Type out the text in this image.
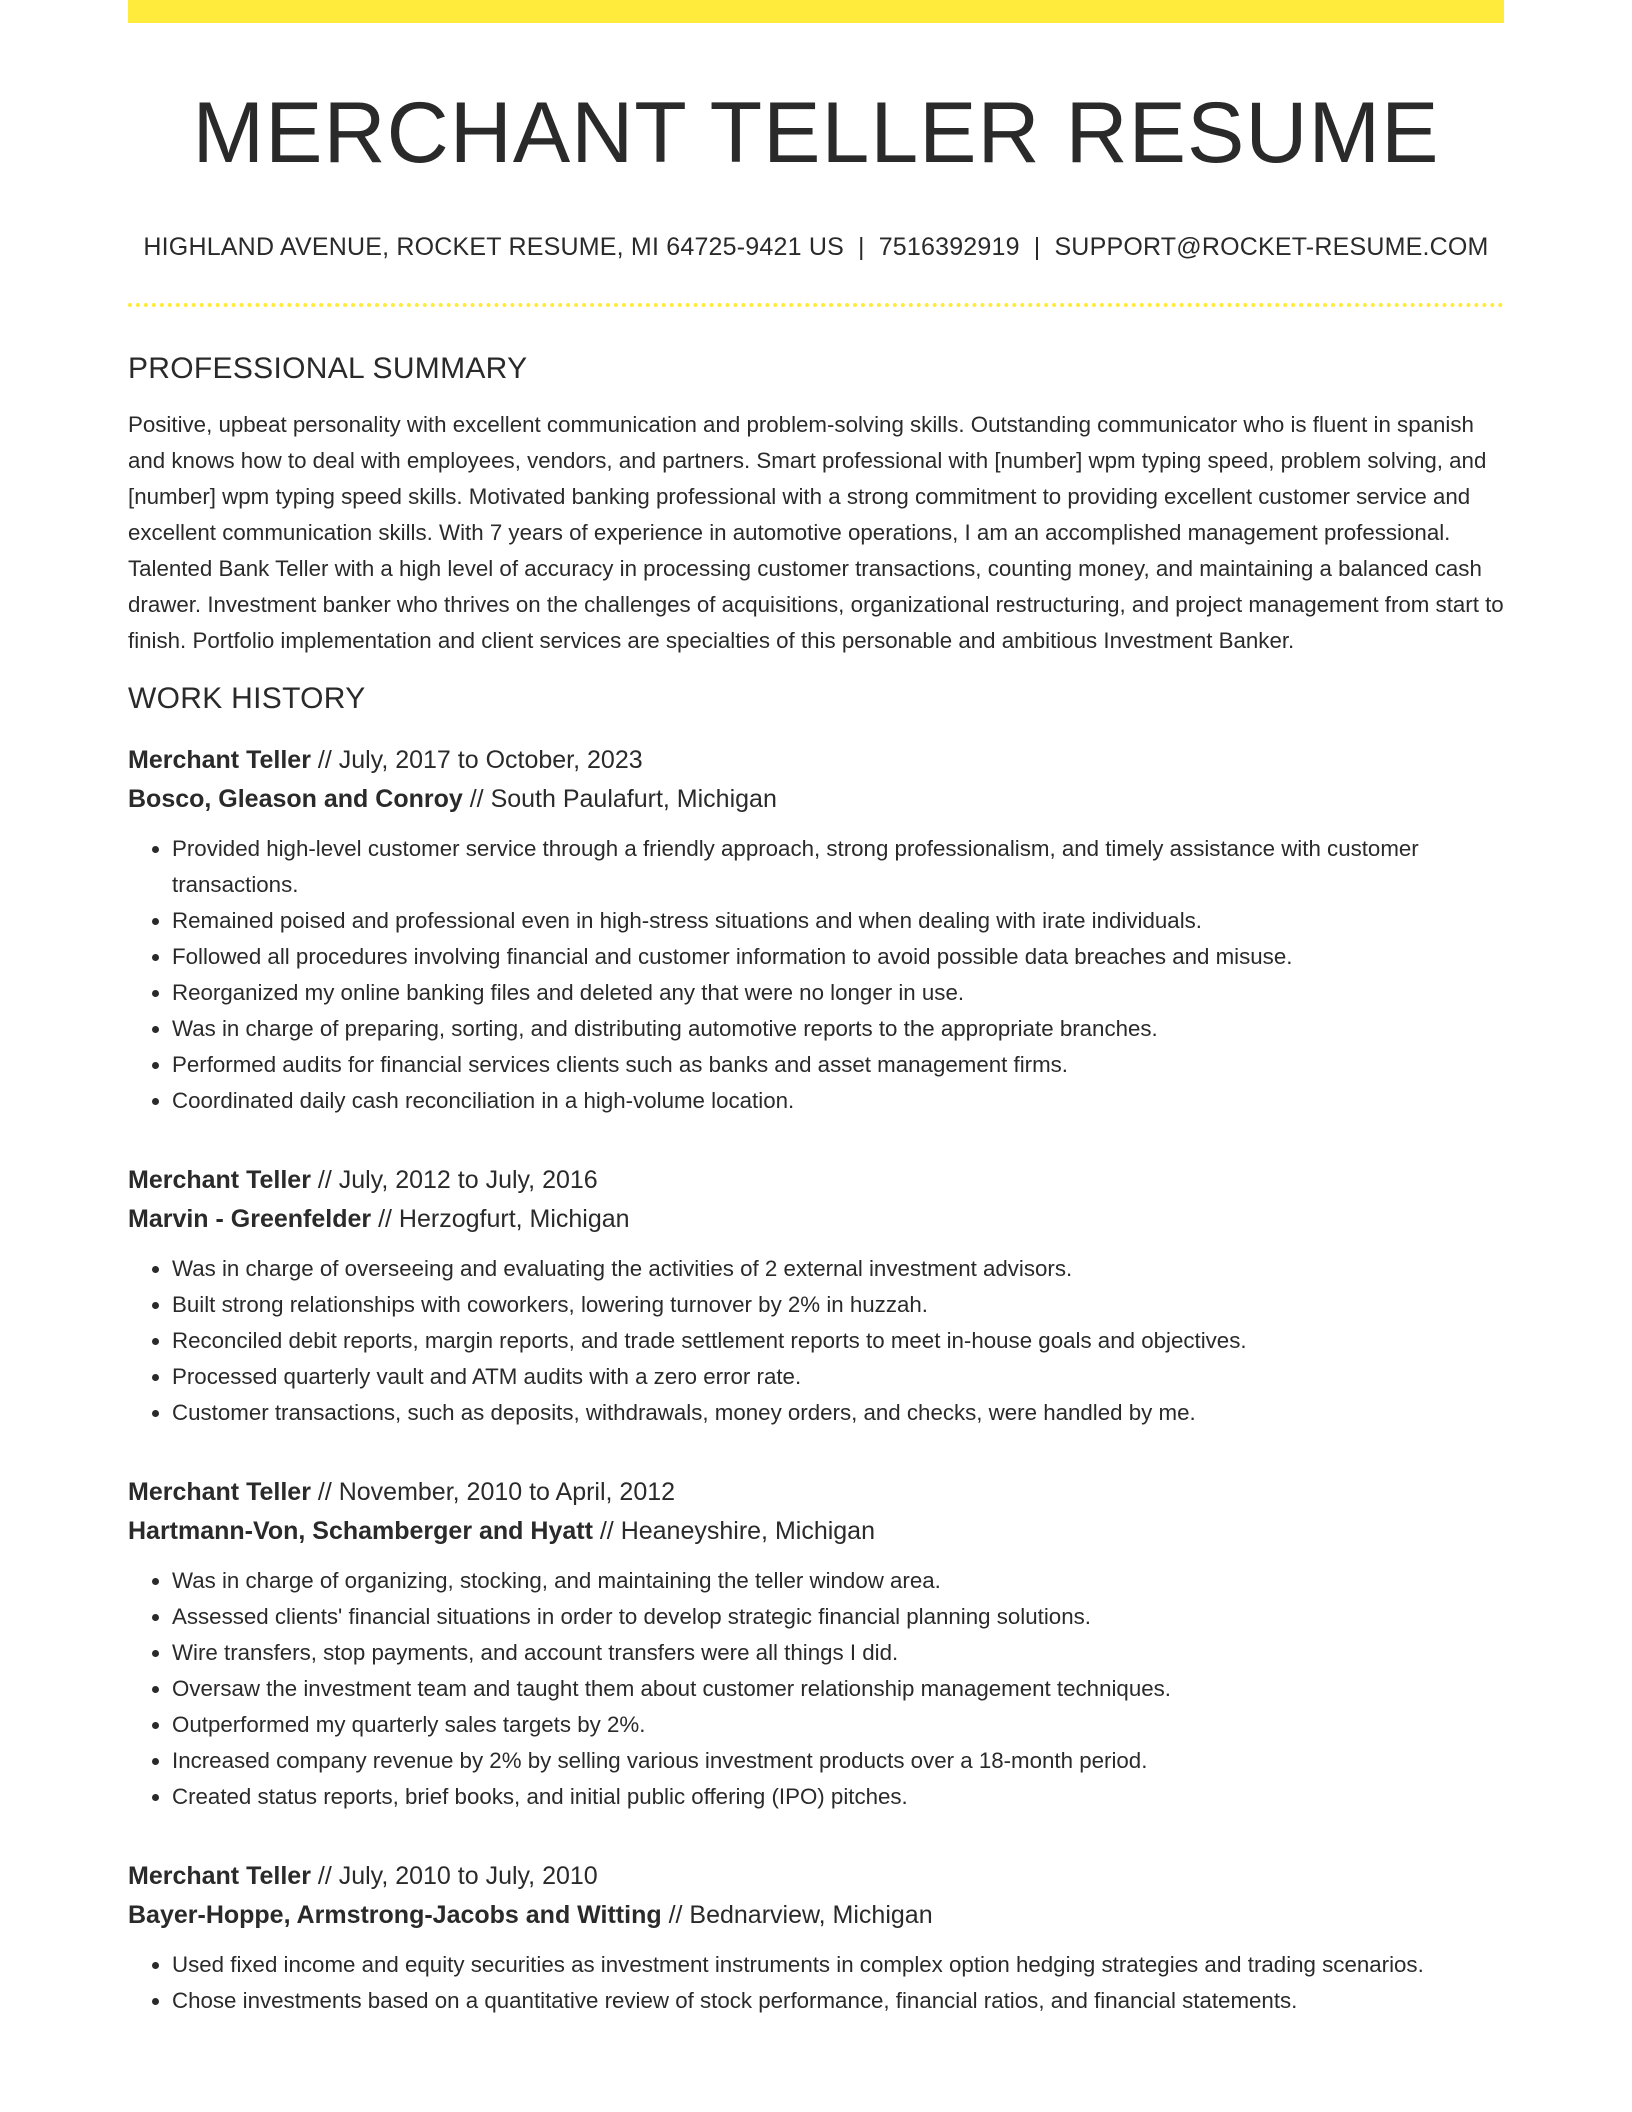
MERCHANT TELLER RESUME
HIGHLAND AVENUE, ROCKET RESUME, MI 64725-9421 US | 7516392919 | SUPPORT@ROCKET-RESUME.COM
PROFESSIONAL SUMMARY

Positive, upbeat personality with excellent communication and problem-solving skills. Outstanding communicator who is fluent in spanish and knows how to deal with employees, vendors, and partners. Smart professional with [number] wpm typing speed, problem solving, and [number] wpm typing speed skills. Motivated banking professional with a strong commitment to providing excellent customer service and excellent communication skills. With 7 years of experience in automotive operations, I am an accomplished management professional. Talented Bank Teller with a high level of accuracy in processing customer transactions, counting money, and maintaining a balanced cash drawer. Investment banker who thrives on the challenges of acquisitions, organizational restructuring, and project management from start to finish. Portfolio implementation and client services are specialties of this personable and ambitious Investment Banker.

WORK HISTORY
Merchant Teller // July, 2017 to October, 2023
Bosco, Gleason and Conroy // South Paulafurt, Michigan
• Provided high-level customer service through a friendly approach, strong professionalism, and timely assistance with customer transactions.
• Remained poised and professional even in high-stress situations and when dealing with irate individuals.
• Followed all procedures involving financial and customer information to avoid possible data breaches and misuse.
• Reorganized my online banking files and deleted any that were no longer in use.
• Was in charge of preparing, sorting, and distributing automotive reports to the appropriate branches.
• Performed audits for financial services clients such as banks and asset management firms.
• Coordinated daily cash reconciliation in a high-volume location.
Merchant Teller // July, 2012 to July, 2016
Marvin - Greenfelder // Herzogfurt, Michigan
• Was in charge of overseeing and evaluating the activities of 2 external investment advisors.
• Built strong relationships with coworkers, lowering turnover by 2% in huzzah.
• Reconciled debit reports, margin reports, and trade settlement reports to meet in-house goals and objectives.
• Processed quarterly vault and ATM audits with a zero error rate.
• Customer transactions, such as deposits, withdrawals, money orders, and checks, were handled by me.
Merchant Teller // November, 2010 to April, 2012
Hartmann-Von, Schamberger and Hyatt // Heaneyshire, Michigan
• Was in charge of organizing, stocking, and maintaining the teller window area.
• Assessed clients' financial situations in order to develop strategic financial planning solutions.
• Wire transfers, stop payments, and account transfers were all things I did.
• Oversaw the investment team and taught them about customer relationship management techniques.
• Outperformed my quarterly sales targets by 2%.
• Increased company revenue by 2% by selling various investment products over a 18-month period.
• Created status reports, brief books, and initial public offering (IPO) pitches.
Merchant Teller // July, 2010 to July, 2010
Bayer-Hoppe, Armstrong-Jacobs and Witting // Bednarview, Michigan
• Used fixed income and equity securities as investment instruments in complex option hedging strategies and trading scenarios.
• Chose investments based on a quantitative review of stock performance, financial ratios, and financial statements.
